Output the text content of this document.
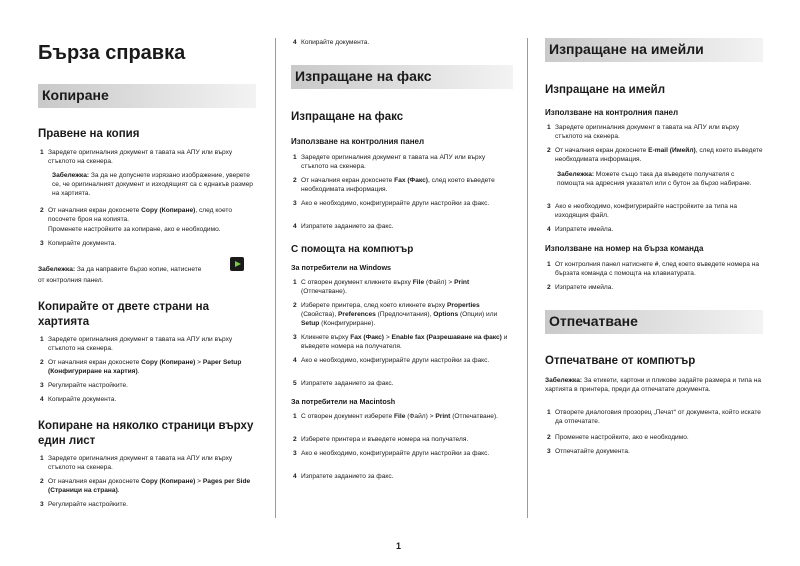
Бърза справка
Копиране
Правене на копия
1 Заредете оригиналния документ в тавата на АПУ или върху стъклото на скенера.
Забележка: За да не допуснете изрязано изображение, уверете се, че оригиналният документ и изходящият са с еднакъв размер на хартията.
2 От началния екран докоснете Copy (Копиране), след което посочете броя на копията.
Променете настройките за копиране, ако е необходимо.
3 Копирайте документа.
Забележка: За да направите бързо копие, натиснете
от контролния панел.
Копирайте от двете страни на хартията
1 Заредете оригиналния документ в тавата на АПУ или върху стъклото на скенера.
2 От началния екран докоснете Copy (Копиране) > Paper Setup (Конфигуриране на хартия).
3 Регулирайте настройките.
4 Копирайте документа.
Копиране на няколко страници върху един лист
1 Заредете оригиналния документ в тавата на АПУ или върху стъклото на скенера.
2 От началния екран докоснете Copy (Копиране) > Pages per Side (Страници на страна).
3 Регулирайте настройките.
4 Копирайте документа.
Изпращане на факс
Изпращане на факс
Използване на контролния панел
1 Заредете оригиналния документ в тавата на АПУ или върху стъклото на скенера.
2 От началния екран докоснете Fax (Факс), след което въведете необходимата информация.
3 Ако е необходимо, конфигурирайте други настройки за факс.
4 Изпратете заданието за факс.
С помощта на компютър
За потребители на Windows
1 С отворен документ кликнете върху File (Файл) > Print (Отпечатване).
2 Изберете принтера, след което кликнете върху Properties (Свойства), Preferences (Предпочитания), Options (Опции) или Setup (Конфигуриране).
3 Кликнете върху Fax (Факс) > Enable fax (Разрешаване на факс) и въведете номера на получателя.
4 Ако е необходимо, конфигурирайте други настройки за факс.
5 Изпратете заданието за факс.
За потребители на Macintosh
1 С отворен документ изберете File (Файл) > Print (Отпечатване).
2 Изберете принтера и въведете номера на получателя.
3 Ако е необходимо, конфигурирайте други настройки за факс.
4 Изпратете заданието за факс.
Изпращане на имейли
Изпращане на имейл
Използване на контролния панел
1 Заредете оригиналния документ в тавата на АПУ или върху стъклото на скенера.
2 От началния екран докоснете E-mail (Имейл), след което въведете необходимата информация.
Забележка: Можете също така да въведете получателя с помощта на адресния указател или с бутон за бързо набиране.
3 Ако е необходимо, конфигурирайте настройките за типа на изходящия файл.
4 Изпратете имейла.
Използване на номер на бърза команда
1 От контролния панел натиснете #, след което въведете номера на бързата команда с помощта на клавиатурата.
2 Изпратете имейла.
Отпечатване
Отпечатване от компютър
Забележка: За етикети, картони и пликове задайте размера и типа на хартията в принтера, преди да отпечатате документа.
1 Отворете диалоговия прозорец „Печат“ от документа, който искате да отпечатате.
2 Променете настройките, ако е необходимо.
3 Отпечатайте документа.
1
